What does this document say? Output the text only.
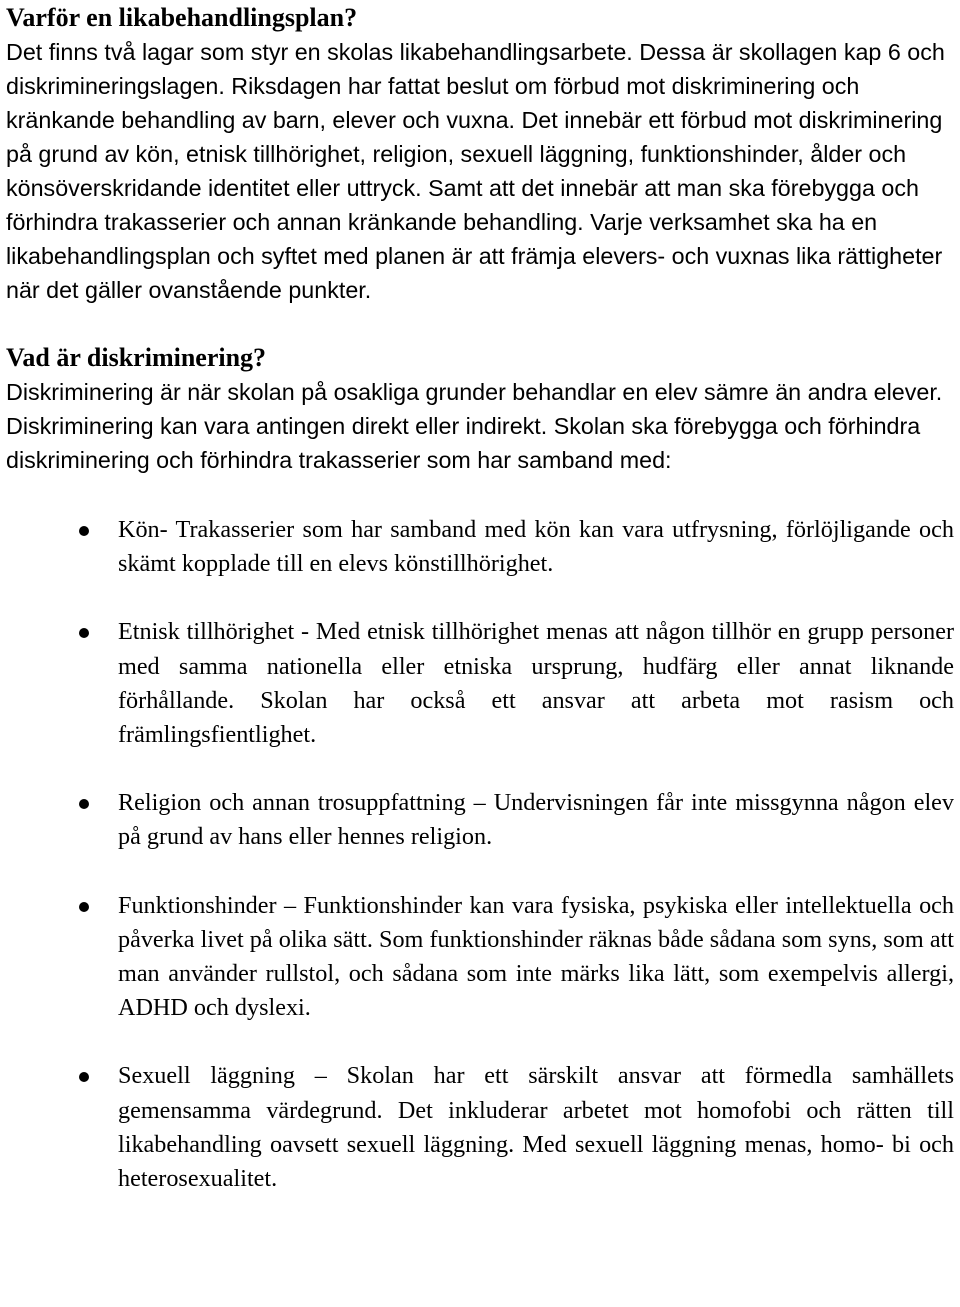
Varför en likabehandlingsplan?

Det finns två lagar som styr en skolas likabehandlingsarbete. Dessa är skollagen kap 6 och diskrimineringslagen. Riksdagen har fattat beslut om förbud mot diskriminering och kränkande behandling av barn, elever och vuxna. Det innebär ett förbud mot diskriminering på grund av kön, etnisk tillhörighet, religion, sexuell läggning, funktionshinder, ålder och könsöverskridande identitet eller uttryck. Samt att det innebär att man ska förebygga och förhindra trakasserier och annan kränkande behandling. Varje verksamhet ska ha en likabehandlingsplan och syftet med planen är att främja elevers- och vuxnas lika rättigheter när det gäller ovanstående punkter.

Vad är diskriminering?

Diskriminering är när skolan på osakliga grunder behandlar en elev sämre än andra elever. Diskriminering kan vara antingen direkt eller indirekt. Skolan ska förebygga och förhindra diskriminering och förhindra trakasserier som har samband med:

Kön- Trakasserier som har samband med kön kan vara utfrysning, förlöjligande och skämt kopplade till en elevs könstillhörighet.
Etnisk tillhörighet - Med etnisk tillhörighet menas att någon tillhör en grupp personer med samma nationella eller etniska ursprung, hudfärg eller annat liknande förhållande. Skolan har också ett ansvar att arbeta mot rasism och främlingsfientlighet.
Religion och annan trosuppfattning – Undervisningen får inte missgynna någon elev på grund av hans eller hennes religion.
Funktionshinder – Funktionshinder kan vara fysiska, psykiska eller intellektuella och påverka livet på olika sätt. Som funktionshinder räknas både sådana som syns, som att man använder rullstol, och sådana som inte märks lika lätt, som exempelvis allergi, ADHD och dyslexi.
Sexuell läggning – Skolan har ett särskilt ansvar att förmedla samhällets gemensamma värdegrund. Det inkluderar arbetet mot homofobi och rätten till likabehandling oavsett sexuell läggning. Med sexuell läggning menas, homo- bi och heterosexualitet.
